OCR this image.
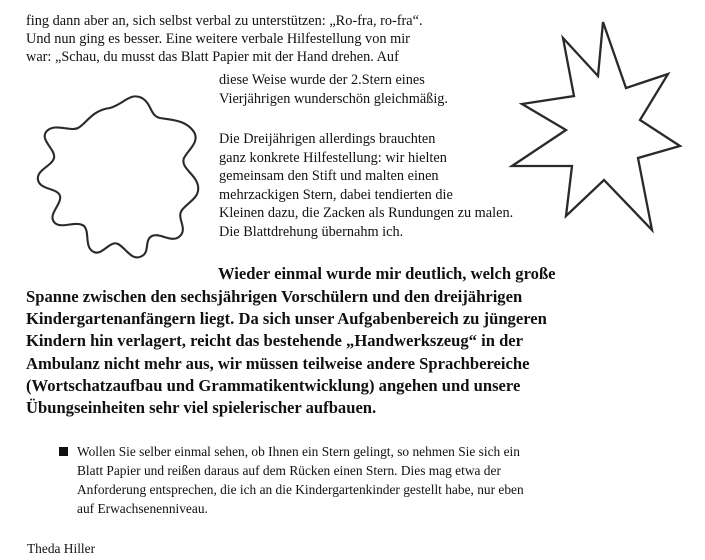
fing dann aber an, sich selbst verbal zu unterstützen: „Ro-fra, ro-fra“.
Und nun ging es besser. Eine weitere verbale Hilfestellung von mir
war: „Schau, du musst das Blatt Papier mit der Hand drehen. Auf
diese Weise wurde der 2.Stern eines
Vierjährigen wunderschön gleichmäßig.
Die Dreijährigen allerdings brauchten
ganz konkrete Hilfestellung: wir hielten
gemeinsam den Stift und malten einen
mehrzackigen Stern, dabei tendierten die
Kleinen dazu, die Zacken als Rundungen zu malen.
Die Blattdrehung übernahm ich.
Wieder einmal wurde mir deutlich, welch große
Spanne zwischen den sechsjährigen Vorschülern und den dreijährigen
Kindergartenanfängern liegt. Da sich unser Aufgabenbereich zu jüngeren
Kindern hin verlagert, reicht das bestehende „Handwerkszeug“ in der
Ambulanz nicht mehr aus, wir müssen teilweise andere Sprachbereiche
(Wortschatzaufbau und Grammatikentwicklung) angehen und unsere
Übungseinheiten sehr viel spielerischer aufbauen.
Wollen Sie selber einmal sehen, ob Ihnen ein Stern gelingt, so nehmen Sie sich ein
Blatt Papier und reißen daraus auf dem Rücken einen Stern. Dies mag etwa der
Anforderung entsprechen, die ich an die Kindergartenkinder gestellt habe, nur eben
auf Erwachsenenniveau.
Theda Hiller
